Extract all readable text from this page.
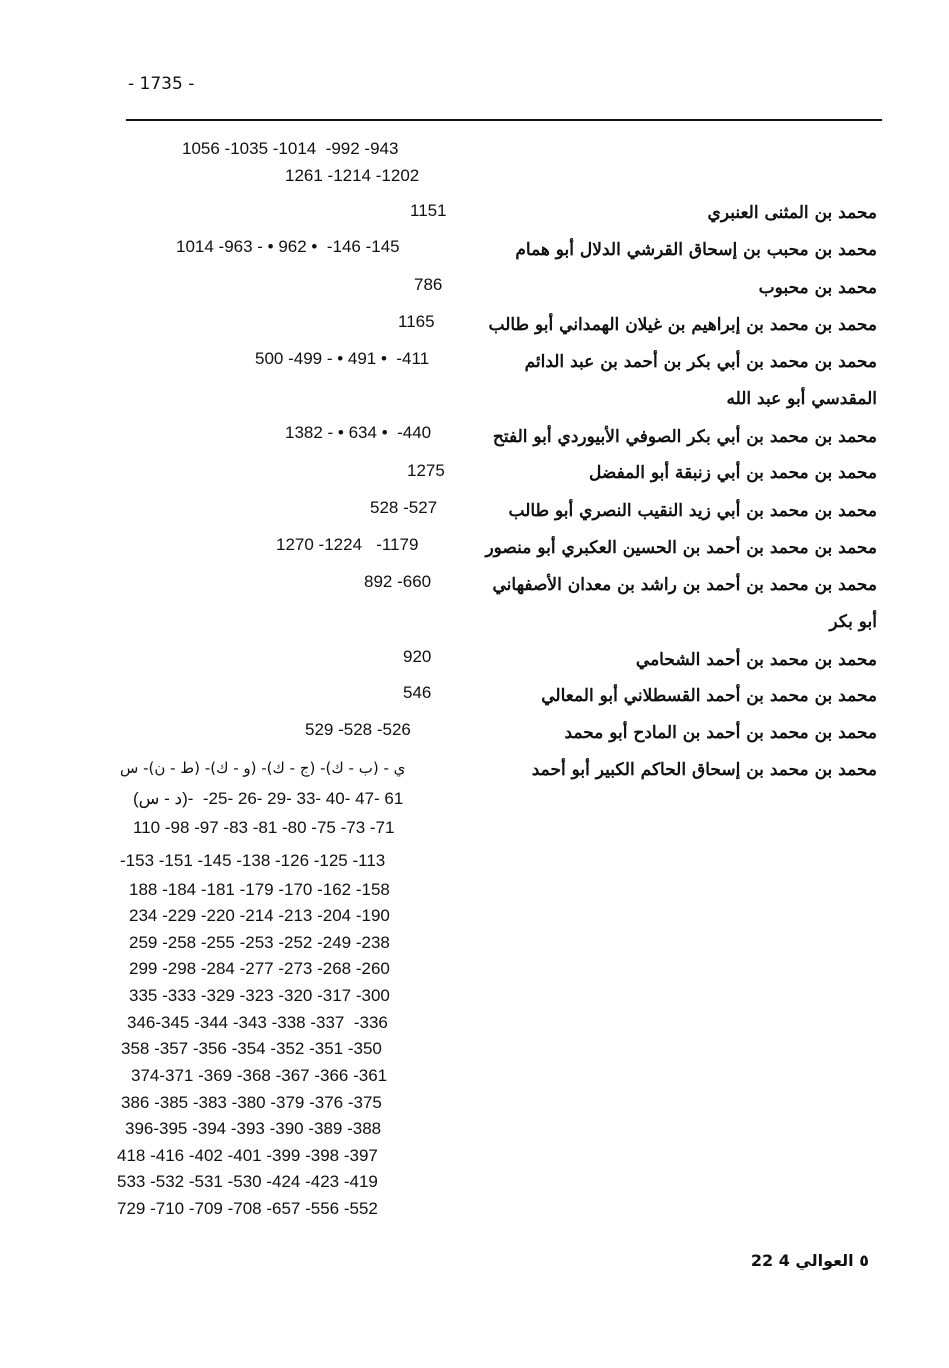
- 1735 -
1056 -1035 -1014  -992 -943
1261 -1214 -1202
محمد بن المثنى العنبري
1151
محمد بن محبب بن إسحاق القرشي الدلال أبو همام
1014 -963 - • 962 •  -146 -145
محمد بن محبوب
786
محمد بن محمد بن إبراهيم بن غيلان الهمداني أبو طالب
1165
محمد بن محمد بن أبي بكر بن أحمد بن عبد الدائم
500 -499 - • 491 •  -411
المقدسي أبو عبد الله
محمد بن محمد بن أبي بكر الصوفي الأبيوردي أبو الفتح
1382 - • 634 •  -440
محمد بن محمد بن أبي زنبقة أبو المفضل
1275
محمد بن محمد بن أبي زيد النقيب النصري أبو طالب
528 -527
محمد بن محمد بن أحمد بن الحسين العكبري أبو منصور
1270 -1224   -1179
محمد بن محمد بن أحمد بن راشد بن معدان الأصفهاني
892 -660
أبو بكر
محمد بن محمد بن أحمد الشحامي
920
محمد بن محمد بن أحمد القسطلاني أبو المعالي
546
محمد بن محمد بن أحمد بن المادح أبو محمد
529 -528 -526
محمد بن محمد بن إسحاق الحاكم الكبير أبو أحمد
ي - (ب - ك)- (ج - ك)- (و - ك)- (ط - ن)- س
(د - س)-  -61 -47 -40 -33 -29 -26 -25
110 -98 -97 -83 -81 -80 -75 -73 -71
-153 -151 -145 -138 -126 -125 -113
188 -184 -181 -179 -170 -162 -158
234 -229 -220 -214 -213 -204 -190
259 -258 -255 -253 -252 -249 -238
299 -298 -284 -277 -273 -268 -260
335 -333 -329 -323 -320 -317 -300
346-345 -344 -343 -338 -337  -336
358 -357 -356 -354 -352 -351 -350
374-371 -369 -368 -367 -366 -361
386 -385 -383 -380 -379 -376 -375
396-395 -394 -393 -390 -389 -388
418 -416 -402 -401 -399 -398 -397
533 -532 -531 -530 -424 -423 -419
729 -710 -709 -708 -657 -556 -552
22 ٥ العوالي 4
